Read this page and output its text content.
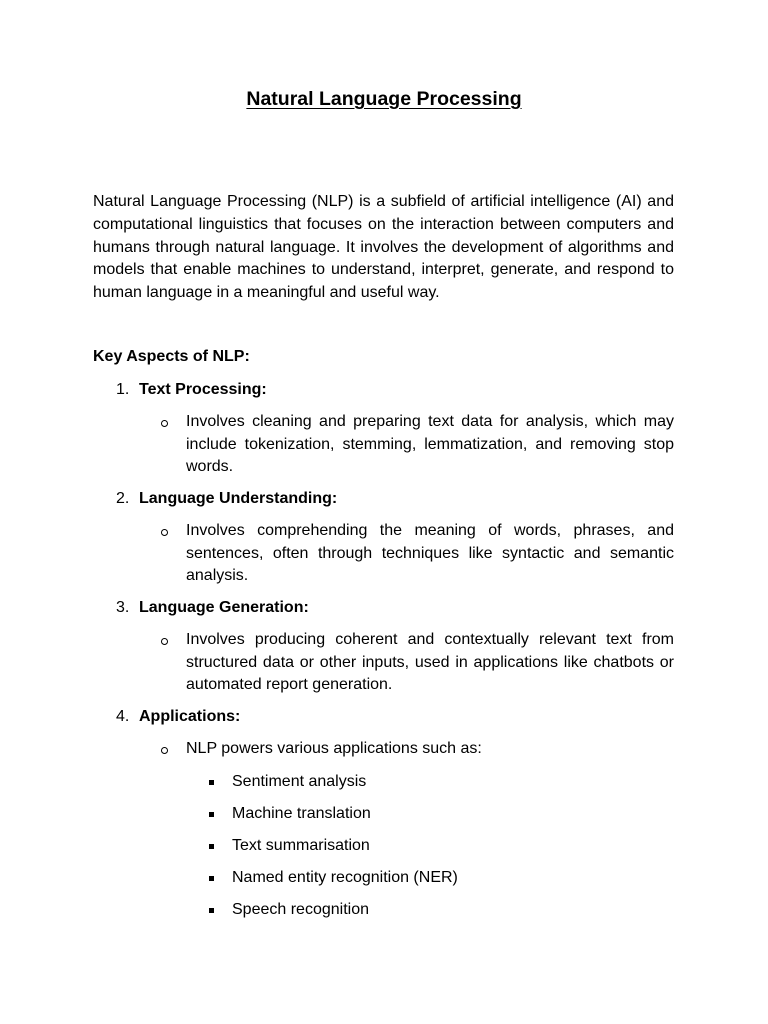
Natural Language Processing

Natural Language Processing (NLP) is a subfield of artificial intelligence (AI) and computational linguistics that focuses on the interaction between computers and humans through natural language. It involves the development of algorithms and models that enable machines to understand, interpret, generate, and respond to human language in a meaningful and useful way.

Key Aspects of NLP:

1. Text Processing:
Involves cleaning and preparing text data for analysis, which may include tokenization, stemming, lemmatization, and removing stop words.
2. Language Understanding:
Involves comprehending the meaning of words, phrases, and sentences, often through techniques like syntactic and semantic analysis.
3. Language Generation:
Involves producing coherent and contextually relevant text from structured data or other inputs, used in applications like chatbots or automated report generation.
4. Applications:
NLP powers various applications such as:
Sentiment analysis
Machine translation
Text summarisation
Named entity recognition (NER)
Speech recognition
